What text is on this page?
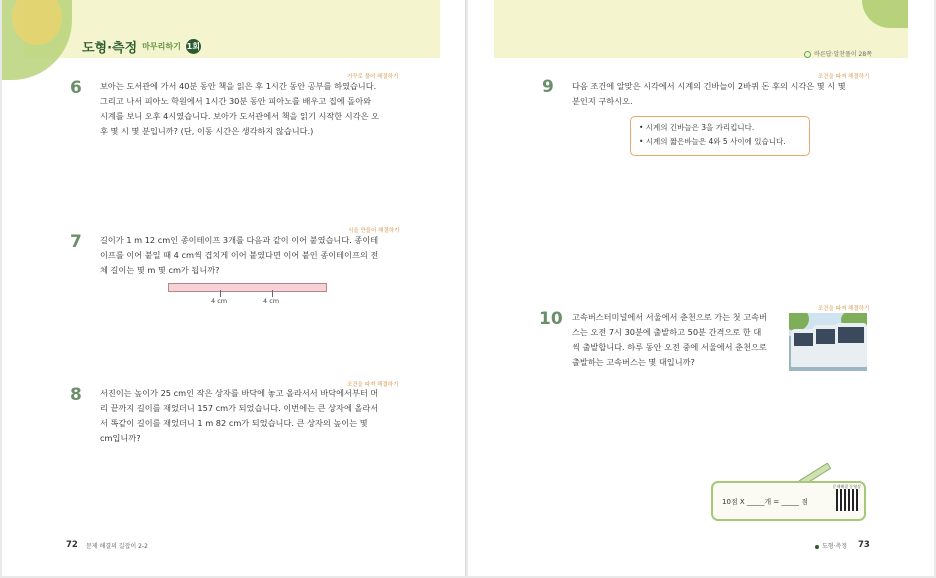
도형·측정 마무리하기 1회
바른답·알찬풀이 28쪽
6
거꾸로 풀어 해결하기
보아는 도서관에 가서 40분 동안 책을 읽은 후 1시간 동안 공부를 하였습니다.
그리고 나서 피아노 학원에서 1시간 30분 동안 피아노를 배우고 집에 돌아와
시계를 보니 오후 4시였습니다. 보아가 도서관에서 책을 읽기 시작한 시각은 오
후 몇 시 몇 분입니까? (단, 이동 시간은 생각하지 않습니다.)
7
식을 만들어 해결하기
길이가 1 m 12 cm인 종이테이프 3개를 다음과 같이 이어 붙였습니다. 종이테
이프를 이어 붙일 때 4 cm씩 겹치게 이어 붙였다면 이어 붙인 종이테이프의 전
체 길이는 몇 m 몇 cm가 됩니까?
4 cm	4 cm
8	조건을 따져 해결하기
서진이는 높이가 25 cm인 작은 상자를 바닥에 놓고 올라서서 바닥에서부터 머
리 끝까지 길이를 재었더니 157 cm가 되었습니다. 이번에는 큰 상자에 올라서
서 똑같이 길이를 재었더니 1 m 82 cm가 되었습니다. 큰 상자의 높이는 몇
cm입니까?
9	조건을 따져 해결하기
다음 조건에 알맞은 시각에서 시계의 긴바늘이 2바퀴 돈 후의 시각은 몇 시 몇
분인지 구하시오.
• 시계의 긴바늘은 3을 가리킵니다.
• 시계의 짧은바늘은 4와 5 사이에 있습니다.
10	조건을 따져 해결하기
고속버스터미널에서 서울에서 춘천으로 가는 첫 고속버
스는 오전 7시 30분에 출발하고 50분 간격으로 한 대
씩 출발합니다. 하루 동안 오전 중에 서울에서 춘천으로
출발하는 고속버스는 몇 대입니까?
10점 X _____개 = _____ 점
문제해결 동영상
72 문제 해결의 길잡이 2-2	도형·측정 73
